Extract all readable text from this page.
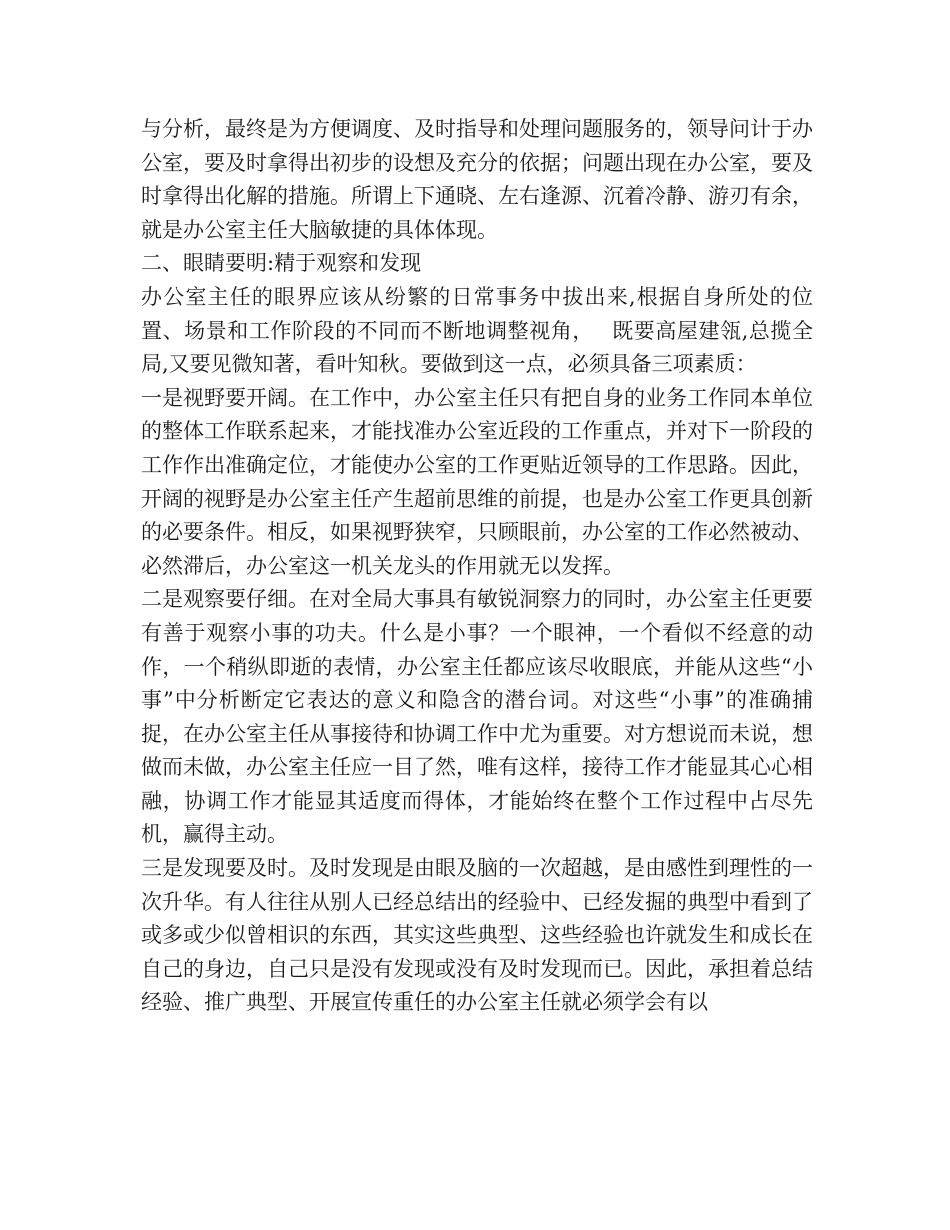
与分析，最终是为方便调度、及时指导和处理问题服务的，领导问计于办公室，要及时拿得出初步的设想及充分的依据；问题出现在办公室，要及时拿得出化解的措施。所谓上下通晓、左右逢源、沉着冷静、游刃有余，就是办公室主任大脑敏捷的具体体现。

二、眼睛要明:精于观察和发现

办公室主任的眼界应该从纷繁的日常事务中拔出来,根据自身所处的位置、场景和工作阶段的不同而不断地调整视角，　 既要高屋建瓴,总揽全局,又要见微知著，看叶知秋。要做到这一点，必须具备三项素质：

一是视野要开阔。在工作中，办公室主任只有把自身的业务工作同本单位的整体工作联系起来，才能找准办公室近段的工作重点，并对下一阶段的工作作出准确定位，才能使办公室的工作更贴近领导的工作思路。因此，开阔的视野是办公室主任产生超前思维的前提，也是办公室工作更具创新的必要条件。相反，如果视野狭窄，只顾眼前，办公室的工作必然被动、必然滞后，办公室这一机关龙头的作用就无以发挥。

二是观察要仔细。在对全局大事具有敏锐洞察力的同时，办公室主任更要有善于观察小事的功夫。什么是小事？一个眼神，一个看似不经意的动作，一个稍纵即逝的表情，办公室主任都应该尽收眼底，并能从这些“小事”中分析断定它表达的意义和隐含的潜台词。对这些“小事”的准确捕捉，在办公室主任从事接待和协调工作中尤为重要。对方想说而未说，想做而未做，办公室主任应一目了然，唯有这样，接待工作才能显其心心相融，协调工作才能显其适度而得体，才能始终在整个工作过程中占尽先机，赢得主动。

三是发现要及时。及时发现是由眼及脑的一次超越，是由感性到理性的一次升华。有人往往从别人已经总结出的经验中、已经发掘的典型中看到了或多或少似曾相识的东西，其实这些典型、这些经验也许就发生和成长在自己的身边，自己只是没有发现或没有及时发现而已。因此，承担着总结经验、推广典型、开展宣传重任的办公室主任就必须学会有以
